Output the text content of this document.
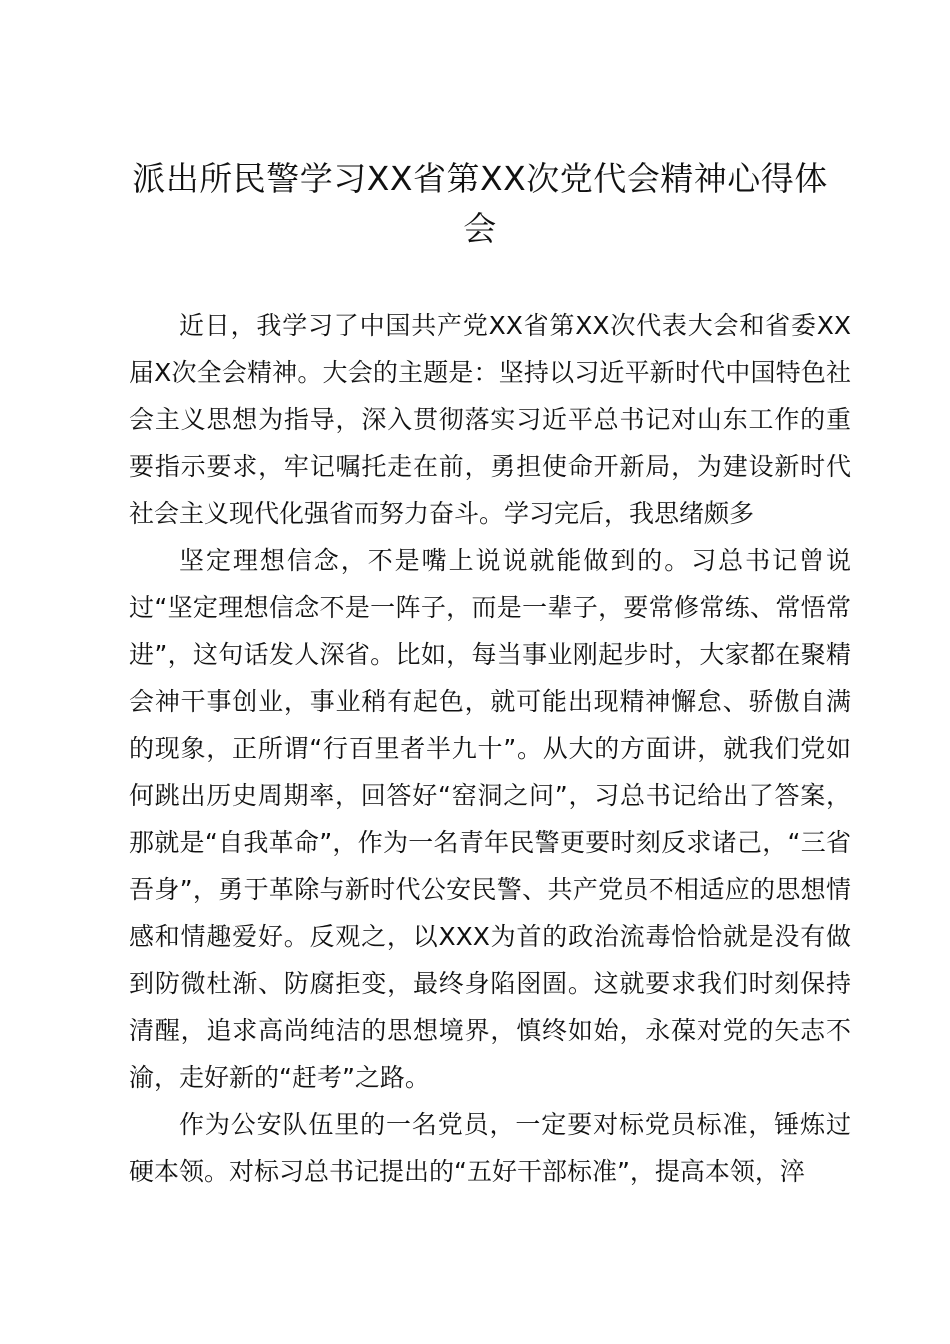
派出所民警学习XX省第XX次党代会精神心得体会

近日，我学习了中国共产党XX省第XX次代表大会和省委XX届X次全会精神。大会的主题是：坚持以习近平新时代中国特色社会主义思想为指导，深入贯彻落实习近平总书记对山东工作的重要指示要求，牢记嘱托走在前，勇担使命开新局，为建设新时代社会主义现代化强省而努力奋斗。学习完后，我思绪颇多

坚定理想信念，不是嘴上说说就能做到的。习总书记曾说过“坚定理想信念不是一阵子，而是一辈子，要常修常练、常悟常进”，这句话发人深省。比如，每当事业刚起步时，大家都在聚精会神干事创业，事业稍有起色，就可能出现精神懈怠、骄傲自满的现象，正所谓“行百里者半九十”。从大的方面讲，就我们党如何跳出历史周期率，回答好“窑洞之问”，习总书记给出了答案，那就是“自我革命”，作为一名青年民警更要时刻反求诸己，“三省吾身”，勇于革除与新时代公安民警、共产党员不相适应的思想情感和情趣爱好。反观之，以XXX为首的政治流毒恰恰就是没有做到防微杜渐、防腐拒变，最终身陷囹圄。这就要求我们时刻保持清醒，追求高尚纯洁的思想境界，慎终如始，永葆对党的矢志不渝，走好新的“赶考”之路。

作为公安队伍里的一名党员，一定要对标党员标准，锤炼过硬本领。对标习总书记提出的“五好干部标准”，提高本领，淬
